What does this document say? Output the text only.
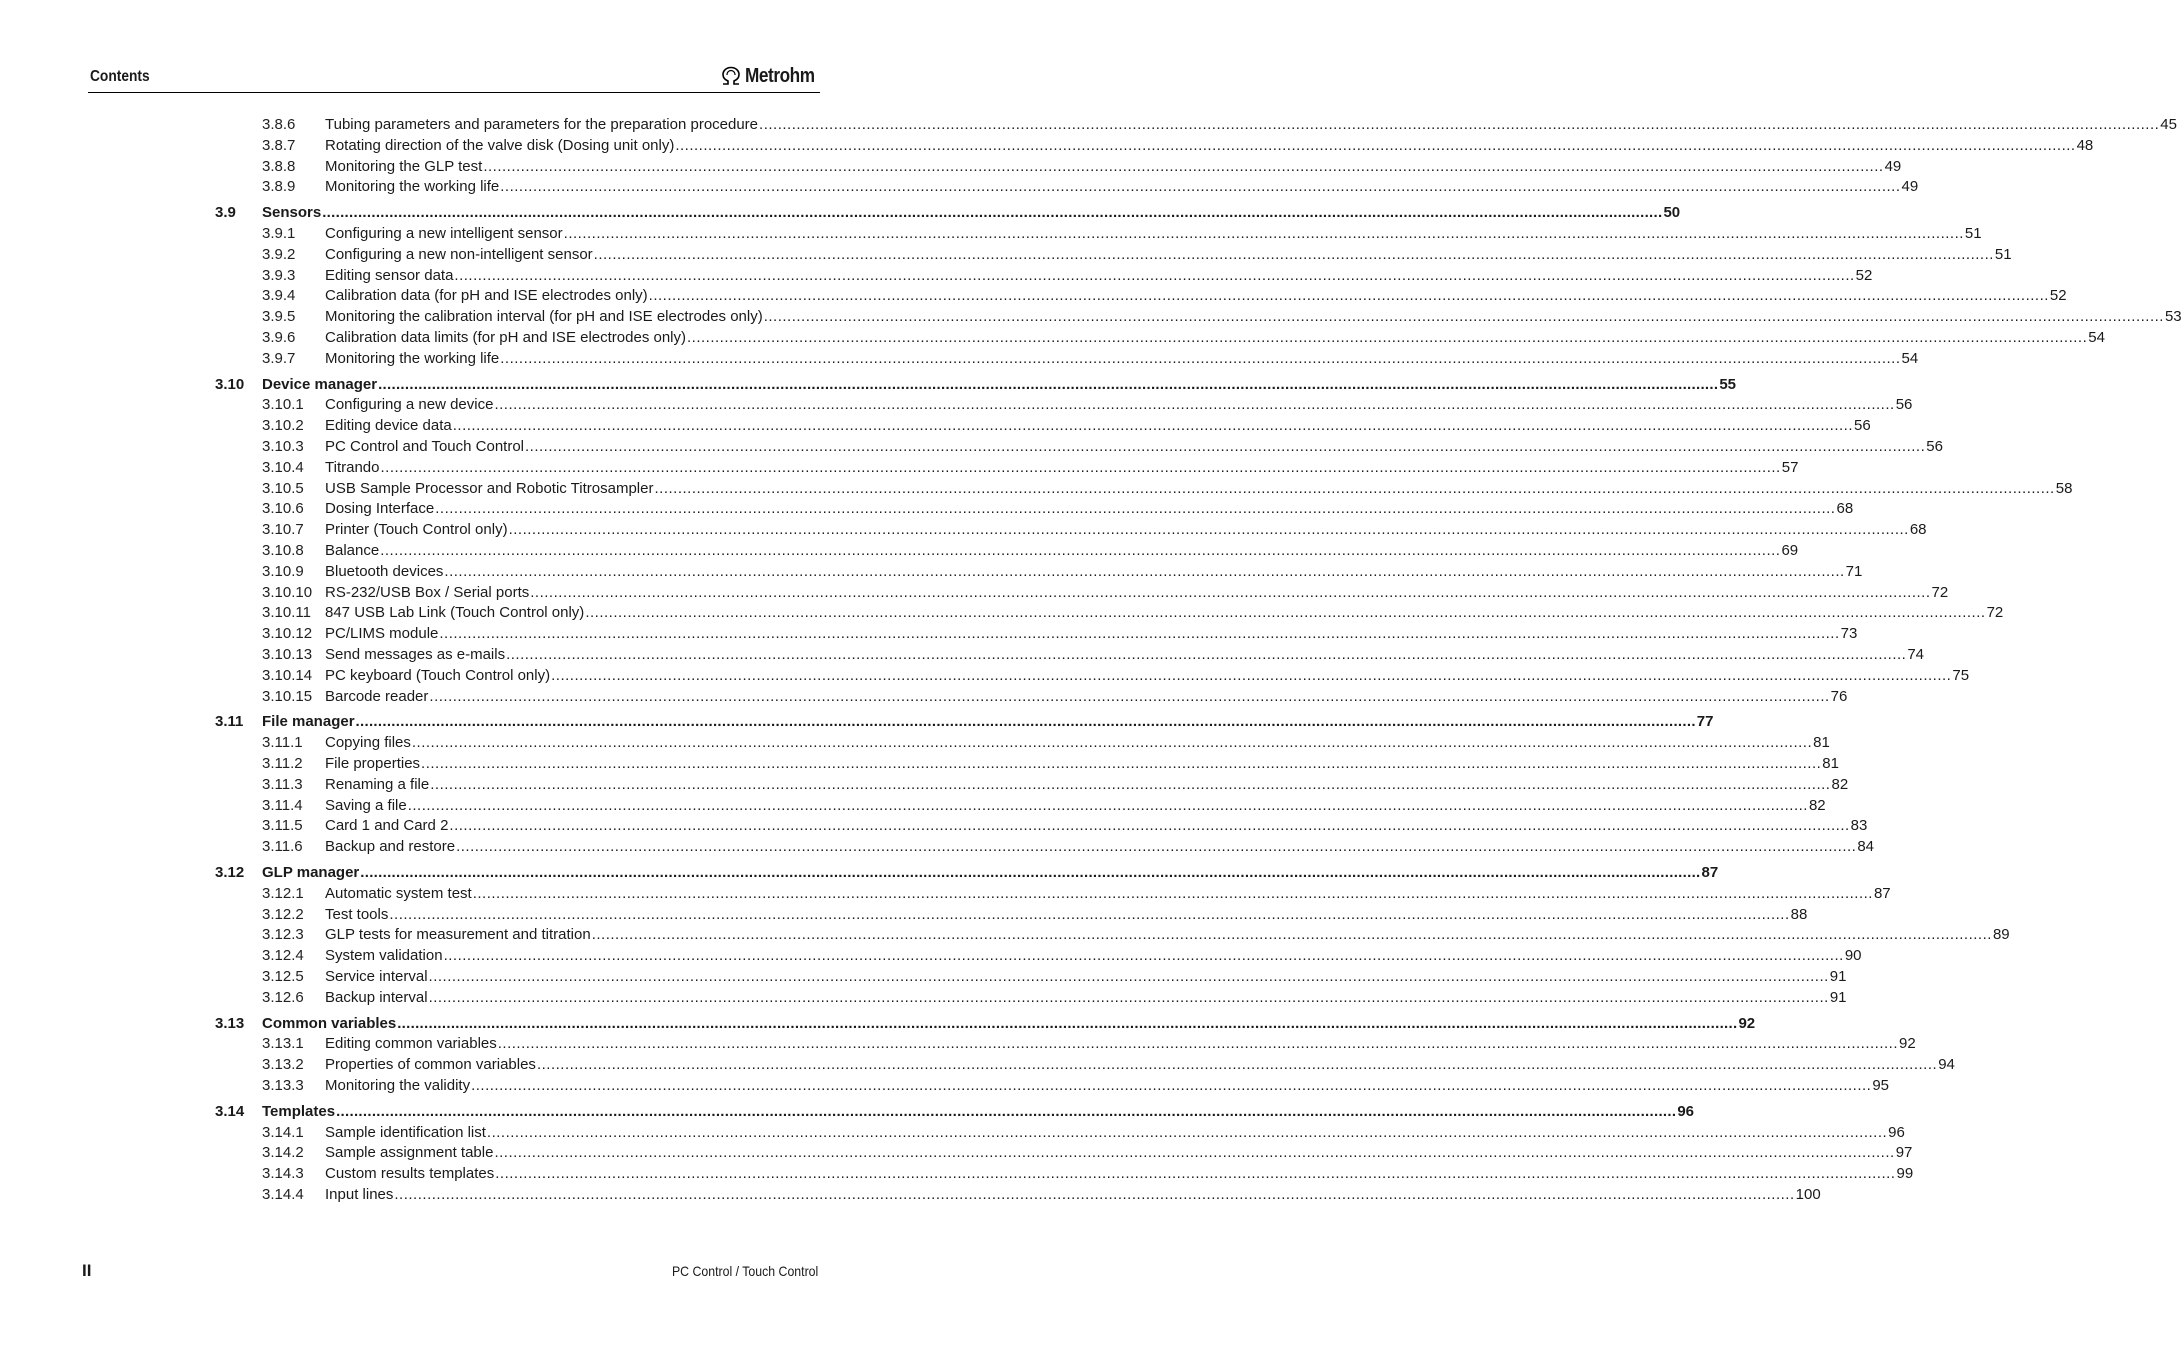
Contents	Metrohm
3.8.6 Tubing parameters and parameters for the preparation procedure ............................................................................................................................................................................................................................................................................................................ 45
3.8.7 Rotating direction of the valve disk (Dosing unit only) ............................................................................................................................................................................................................................................................................................................ 48
3.8.8 Monitoring the GLP test ............................................................................................................................................................................................................................................................................................................ 49
3.8.9 Monitoring the working life ............................................................................................................................................................................................................................................................................................................ 49
3.9 Sensors ............................................................................................................................................................................................................................................................................................................ 50
3.9.1 Configuring a new intelligent sensor ............................................................................................................................................................................................................................................................................................................ 51
3.9.2 Configuring a new non-intelligent sensor ............................................................................................................................................................................................................................................................................................................ 51
3.9.3 Editing sensor data ............................................................................................................................................................................................................................................................................................................ 52
3.9.4 Calibration data (for pH and ISE electrodes only) ............................................................................................................................................................................................................................................................................................................ 52
3.9.5 Monitoring the calibration interval (for pH and ISE electrodes only) ............................................................................................................................................................................................................................................................................................................ 53
3.9.6 Calibration data limits (for pH and ISE electrodes only) ............................................................................................................................................................................................................................................................................................................ 54
3.9.7 Monitoring the working life ............................................................................................................................................................................................................................................................................................................ 54
3.10 Device manager ............................................................................................................................................................................................................................................................................................................ 55
3.10.1 Configuring a new device ............................................................................................................................................................................................................................................................................................................ 56
3.10.2 Editing device data ............................................................................................................................................................................................................................................................................................................ 56
3.10.3 PC Control and Touch Control ............................................................................................................................................................................................................................................................................................................ 56
3.10.4 Titrando ............................................................................................................................................................................................................................................................................................................ 57
3.10.5 USB Sample Processor and Robotic Titrosampler ............................................................................................................................................................................................................................................................................................................ 58
3.10.6 Dosing Interface ............................................................................................................................................................................................................................................................................................................ 68
3.10.7 Printer (Touch Control only) ............................................................................................................................................................................................................................................................................................................ 68
3.10.8 Balance ............................................................................................................................................................................................................................................................................................................ 69
3.10.9 Bluetooth devices ............................................................................................................................................................................................................................................................................................................ 71
3.10.10 RS-232/USB Box / Serial ports ............................................................................................................................................................................................................................................................................................................ 72
3.10.11 847 USB Lab Link (Touch Control only) ............................................................................................................................................................................................................................................................................................................ 72
3.10.12 PC/LIMS module ............................................................................................................................................................................................................................................................................................................ 73
3.10.13 Send messages as e-mails ............................................................................................................................................................................................................................................................................................................ 74
3.10.14 PC keyboard (Touch Control only) ............................................................................................................................................................................................................................................................................................................ 75
3.10.15 Barcode reader ............................................................................................................................................................................................................................................................................................................ 76
3.11 File manager ............................................................................................................................................................................................................................................................................................................ 77
3.11.1 Copying files ............................................................................................................................................................................................................................................................................................................ 81
3.11.2 File properties ............................................................................................................................................................................................................................................................................................................ 81
3.11.3 Renaming a file ............................................................................................................................................................................................................................................................................................................ 82
3.11.4 Saving a file ............................................................................................................................................................................................................................................................................................................ 82
3.11.5 Card 1 and Card 2 ............................................................................................................................................................................................................................................................................................................ 83
3.11.6 Backup and restore ............................................................................................................................................................................................................................................................................................................ 84
3.12 GLP manager ............................................................................................................................................................................................................................................................................................................ 87
3.12.1 Automatic system test ............................................................................................................................................................................................................................................................................................................ 87
3.12.2 Test tools ............................................................................................................................................................................................................................................................................................................ 88
3.12.3 GLP tests for measurement and titration ............................................................................................................................................................................................................................................................................................................ 89
3.12.4 System validation ............................................................................................................................................................................................................................................................................................................ 90
3.12.5 Service interval ............................................................................................................................................................................................................................................................................................................ 91
3.12.6 Backup interval ............................................................................................................................................................................................................................................................................................................ 91
3.13 Common variables ............................................................................................................................................................................................................................................................................................................ 92
3.13.1 Editing common variables ............................................................................................................................................................................................................................................................................................................ 92
3.13.2 Properties of common variables ............................................................................................................................................................................................................................................................................................................ 94
3.13.3 Monitoring the validity ............................................................................................................................................................................................................................................................................................................ 95
3.14 Templates ............................................................................................................................................................................................................................................................................................................ 96
3.14.1 Sample identification list ............................................................................................................................................................................................................................................................................................................ 96
3.14.2 Sample assignment table ............................................................................................................................................................................................................................................................................................................ 97
3.14.3 Custom results templates ............................................................................................................................................................................................................................................................................................................ 99
3.14.4 Input lines ............................................................................................................................................................................................................................................................................................................ 100
II	PC Control / Touch Control
